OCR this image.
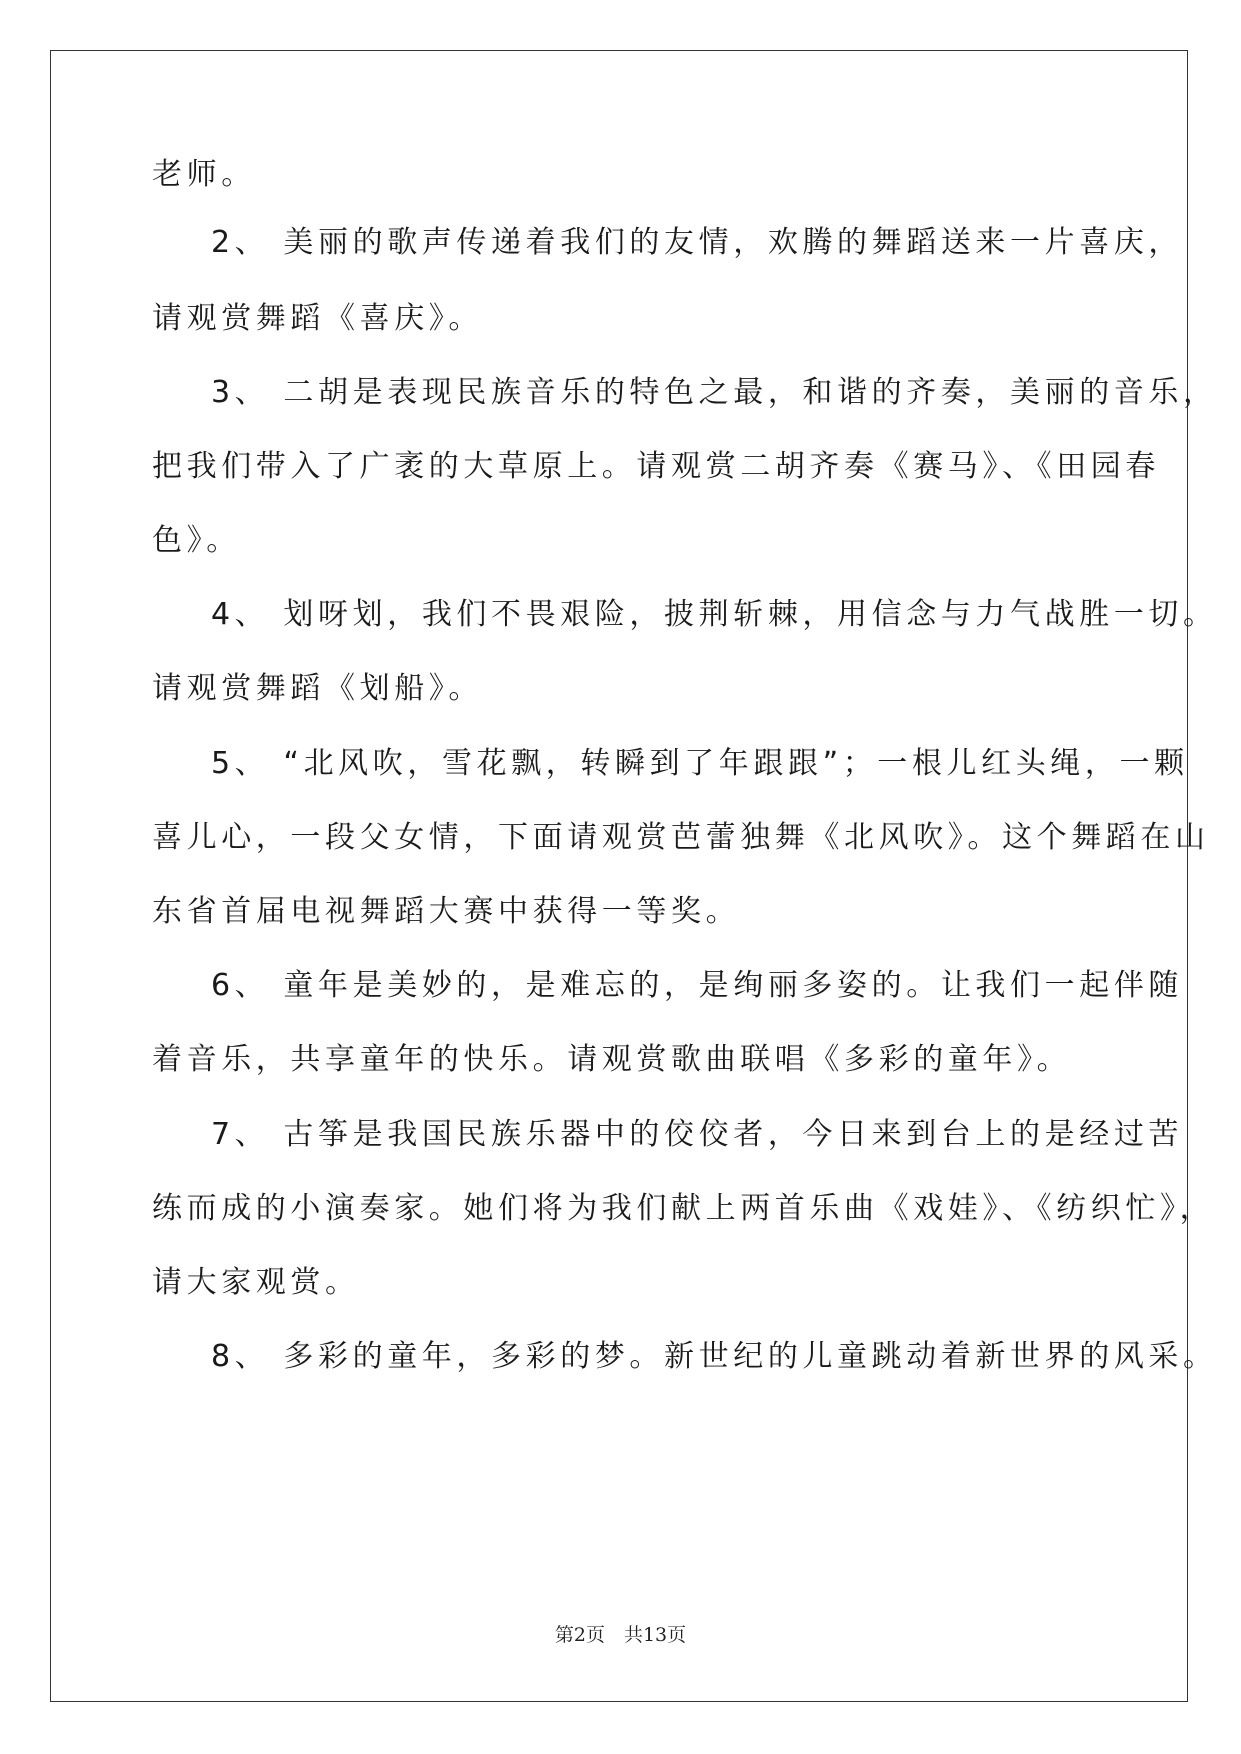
老师。
2、 美丽的歌声传递着我们的友情，欢腾的舞蹈送来一片喜庆，
请观赏舞蹈《喜庆》。
3、 二胡是表现民族音乐的特色之最，和谐的齐奏，美丽的音乐，
把我们带入了广袤的大草原上。请观赏二胡齐奏《赛马》、《田园春
色》。
4、 划呀划，我们不畏艰险，披荆斩棘，用信念与力气战胜一切。
请观赏舞蹈《划船》。
5、 “北风吹，雪花飘，转瞬到了年跟跟”；一根儿红头绳，一颗
喜儿心，一段父女情，下面请观赏芭蕾独舞《北风吹》。这个舞蹈在山
东省首届电视舞蹈大赛中获得一等奖。
6、 童年是美妙的，是难忘的，是绚丽多姿的。让我们一起伴随
着音乐，共享童年的快乐。请观赏歌曲联唱《多彩的童年》。
7、 古筝是我国民族乐器中的佼佼者，今日来到台上的是经过苦
练而成的小演奏家。她们将为我们献上两首乐曲《戏娃》、《纺织忙》，
请大家观赏。
8、 多彩的童年，多彩的梦。新世纪的儿童跳动着新世界的风采。
第2页　共13页
